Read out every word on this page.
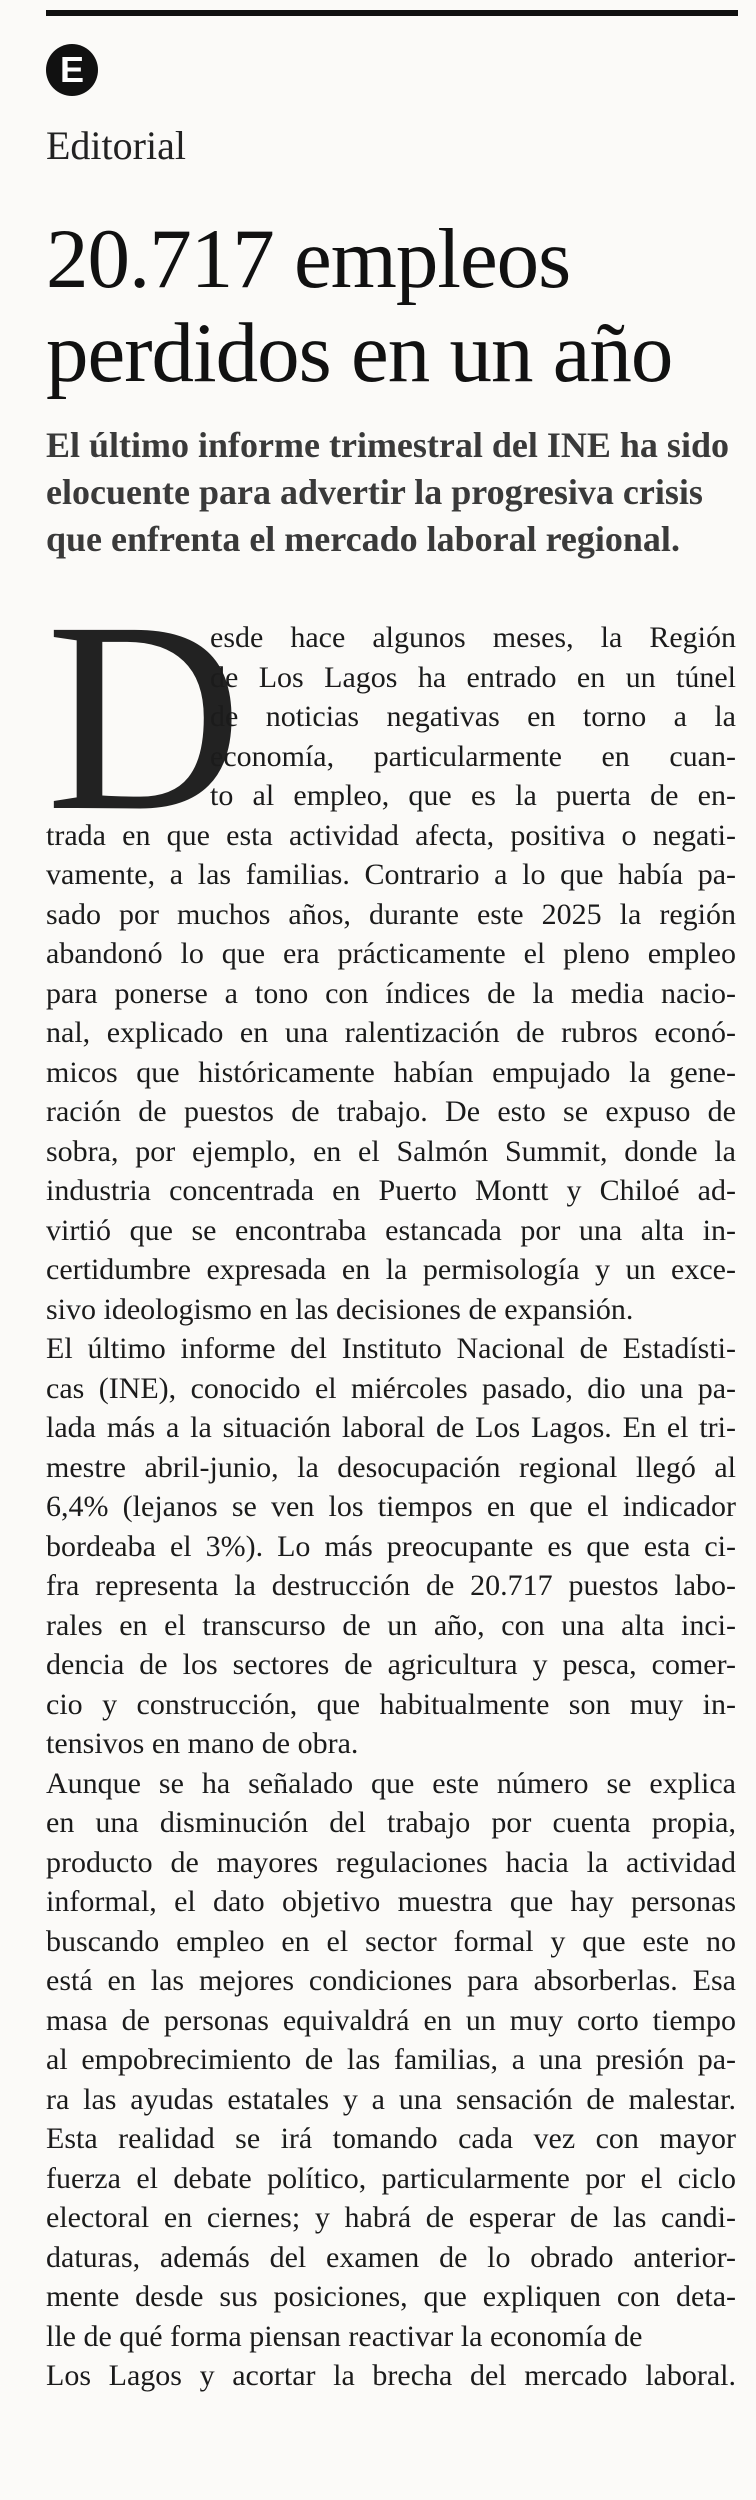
E
Editorial
20.717 empleos
perdidos en un año
El último informe trimestral del INE ha sido
elocuente para advertir la progresiva crisis
que enfrenta el mercado laboral regional.
D
esde hace algunos meses, la Región
de Los Lagos ha entrado en un túnel
de noticias negativas en torno a la
economía, particularmente en cuan-
to al empleo, que es la puerta de en-
trada en que esta actividad afecta, positiva o negati-
vamente, a las familias. Contrario a lo que había pa-
sado por muchos años, durante este 2025 la región
abandonó lo que era prácticamente el pleno empleo
para ponerse a tono con índices de la media nacio-
nal, explicado en una ralentización de rubros econó-
micos que históricamente habían empujado la gene-
ración de puestos de trabajo. De esto se expuso de
sobra, por ejemplo, en el Salmón Summit, donde la
industria concentrada en Puerto Montt y Chiloé ad-
virtió que se encontraba estancada por una alta in-
certidumbre expresada en la permisología y un exce-
sivo ideologismo en las decisiones de expansión.
El último informe del Instituto Nacional de Estadísti-
cas (INE), conocido el miércoles pasado, dio una pa-
lada más a la situación laboral de Los Lagos. En el tri-
mestre abril-junio, la desocupación regional llegó al
6,4% (lejanos se ven los tiempos en que el indicador
bordeaba el 3%). Lo más preocupante es que esta ci-
fra representa la destrucción de 20.717 puestos labo-
rales en el transcurso de un año, con una alta inci-
dencia de los sectores de agricultura y pesca, comer-
cio y construcción, que habitualmente son muy in-
tensivos en mano de obra.
Aunque se ha señalado que este número se explica
en una disminución del trabajo por cuenta propia,
producto de mayores regulaciones hacia la actividad
informal, el dato objetivo muestra que hay personas
buscando empleo en el sector formal y que este no
está en las mejores condiciones para absorberlas. Esa
masa de personas equivaldrá en un muy corto tiempo
al empobrecimiento de las familias, a una presión pa-
ra las ayudas estatales y a una sensación de malestar.
Esta realidad se irá tomando cada vez con mayor
fuerza el debate político, particularmente por el ciclo
electoral en ciernes; y habrá de esperar de las candi-
daturas, además del examen de lo obrado anterior-
mente desde sus posiciones, que expliquen con deta-
lle de qué forma piensan reactivar la economía de
Los Lagos y acortar la brecha del mercado laboral.
